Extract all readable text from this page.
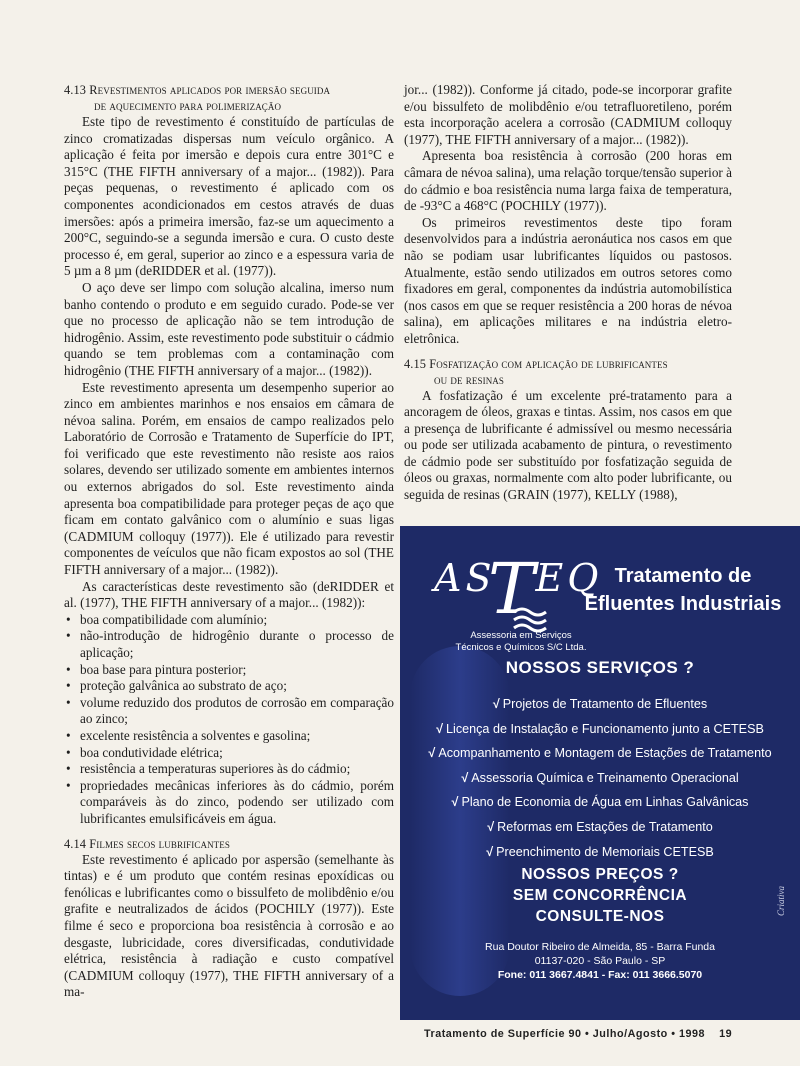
4.13 Revestimentos aplicados por imersão seguida
de aquecimento para polimerização

Este tipo de revestimento é constituído de partículas de zinco cromatizadas dispersas num veículo orgânico. A aplicação é feita por imersão e depois cura entre 301°C e 315°C (THE FIFTH anniversary of a major... (1982)). Para peças pequenas, o revestimento é aplicado com os componentes acondicionados em cestos através de duas imersões: após a primeira imersão, faz-se um aquecimento a 200°C, seguindo-se a segunda imersão e cura. O custo deste processo é, em geral, superior ao zinco e a espessura varia de 5 µm a 8 µm (deRIDDER et al. (1977)).

O aço deve ser limpo com solução alcalina, imerso num banho contendo o produto e em seguido curado. Pode-se ver que no processo de aplicação não se tem introdução de hidrogênio. Assim, este revestimento pode substituir o cádmio quando se tem problemas com a contaminação com hidrogênio (THE FIFTH anniversary of a major... (1982)).

Este revestimento apresenta um desempenho superior ao zinco em ambientes marinhos e nos ensaios em câmara de névoa salina. Porém, em ensaios de campo realizados pelo Laboratório de Corrosão e Tratamento de Superfície do IPT, foi verificado que este revestimento não resiste aos raios solares, devendo ser utilizado somente em ambientes internos ou externos abrigados do sol. Este revestimento ainda apresenta boa compatibilidade para proteger peças de aço que ficam em contato galvânico com o alumínio e suas ligas (CADMIUM colloquy (1977)). Ele é utilizado para revestir componentes de veículos que não ficam expostos ao sol (THE FIFTH anniversary of a major... (1982)).

As características deste revestimento são (deRIDDER et al. (1977), THE FIFTH anniversary of a major... (1982)):

• boa compatibilidade com alumínio;
• não-introdução de hidrogênio durante o processo de aplicação;
• boa base para pintura posterior;
• proteção galvânica ao substrato de aço;
• volume reduzido dos produtos de corrosão em comparação ao zinco;
• excelente resistência a solventes e gasolina;
• boa condutividade elétrica;
• resistência a temperaturas superiores às do cádmio;
• propriedades mecânicas inferiores às do cádmio, porém comparáveis às do zinco, podendo ser utilizado com lubrificantes emulsificáveis em água.
4.14 Filmes secos lubrificantes

Este revestimento é aplicado por aspersão (semelhante às tintas) e é um produto que contém resinas epoxídicas ou fenólicas e lubrificantes como o bissulfeto de molibdênio e/ou grafite e neutralizados de ácidos (POCHILY (1977)). Este filme é seco e proporciona boa resistência à corrosão e ao desgaste, lubricidade, cores diversificadas, condutividade elétrica, resistência à radiação e custo compatível (CADMIUM colloquy (1977), THE FIFTH anniversary of a ma-

jor... (1982)). Conforme já citado, pode-se incorporar grafite e/ou bissulfeto de molibdênio e/ou tetrafluoretileno, porém esta incorporação acelera a corrosão (CADMIUM colloquy (1977), THE FIFTH anniversary of a major... (1982)).

Apresenta boa resistência à corrosão (200 horas em câmara de névoa salina), uma relação torque/tensão superior à do cádmio e boa resistência numa larga faixa de temperatura, de -93°C a 468°C (POCHILY (1977)).

Os primeiros revestimentos deste tipo foram desenvolvidos para a indústria aeronáutica nos casos em que não se podiam usar lubrificantes líquidos ou pastosos. Atualmente, estão sendo utilizados em outros setores como fixadores em geral, componentes da indústria automobilística (nos casos em que se requer resistência a 200 horas de névoa salina), em aplicações militares e na indústria eletro-eletrônica.

4.15 Fosfatização com aplicação de lubrificantes
ou de resinas

A fosfatização é um excelente pré-tratamento para a ancoragem de óleos, graxas e tintas. Assim, nos casos em que a presença de lubrificante é admissível ou mesmo necessária ou pode ser utilizada acabamento de pintura, o revestimento de cádmio pode ser substituído por fosfatização seguida de óleos ou graxas, normalmente com alto poder lubrificante, ou seguida de resinas (GRAIN (1977), KELLY (1988),

AS EQ
T
Assessoria em Serviços
Técnicos e Químicos S/C Ltda.
Tratamento de
Efluentes Industriais
NOSSOS SERVIÇOS ?
√ Projetos de Tratamento de Efluentes
√ Licença de Instalação e Funcionamento junto a CETESB
√ Acompanhamento e Montagem de Estações de Tratamento
√ Assessoria Química e Treinamento Operacional
√ Plano de Economia de Água em Linhas Galvânicas
√ Reformas em Estações de Tratamento
√ Preenchimento de Memoriais CETESB
NOSSOS PREÇOS ?
SEM CONCORRÊNCIA
CONSULTE-NOS
Rua Doutor Ribeiro de Almeida, 85 - Barra Funda
01137-020 - São Paulo - SP
Fone: 011 3667.4841 - Fax: 011 3666.5070
Criativa
Tratamento de Superfície 90 • Julho/Agosto • 1998 19
